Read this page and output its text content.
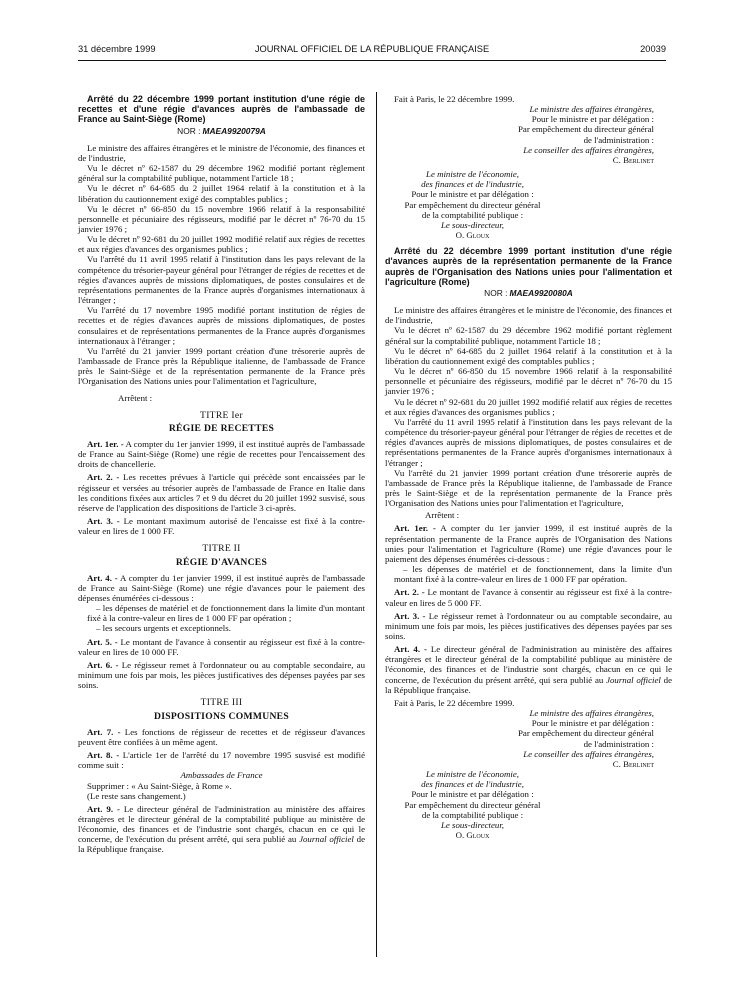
31 décembre 1999	JOURNAL OFFICIEL DE LA RÉPUBLIQUE FRANÇAISE	20039

Arrêté du 22 décembre 1999 portant institution d'une régie de recettes et d'une régie d'avances auprès de l'ambassade de France au Saint-Siège (Rome)

NOR : MAEA9920079A

Le ministre des affaires étrangères et le ministre de l'économie, des finances et de l'industrie,

Vu le décret nº 62-1587 du 29 décembre 1962 modifié portant règlement général sur la comptabilité publique, notamment l'article 18 ;

Vu le décret nº 64-685 du 2 juillet 1964 relatif à la constitution et à la libération du cautionnement exigé des comptables publics ;

Vu le décret nº 66-850 du 15 novembre 1966 relatif à la responsabilité personnelle et pécuniaire des régisseurs, modifié par le décret nº 76-70 du 15 janvier 1976 ;

Vu le décret nº 92-681 du 20 juillet 1992 modifié relatif aux régies de recettes et aux régies d'avances des organismes publics ;

Vu l'arrêté du 11 avril 1995 relatif à l'institution dans les pays relevant de la compétence du trésorier-payeur général pour l'étranger de régies de recettes et de régies d'avances auprès de missions diplomatiques, de postes consulaires et de représentations permanentes de la France auprès d'organismes internationaux à l'étranger ;

Vu l'arrêté du 17 novembre 1995 modifié portant institution de régies de recettes et de régies d'avances auprès de missions diplomatiques, de postes consulaires et de représentations permanentes de la France auprès d'organismes internationaux à l'étranger ;

Vu l'arrêté du 21 janvier 1999 portant création d'une trésorerie auprès de l'ambassade de France près la République italienne, de l'ambassade de France près le Saint-Siège et de la représentation permanente de la France près l'Organisation des Nations unies pour l'alimentation et l'agriculture,

Arrêtent :

TITRE Ier
RÉGIE DE RECETTES

Art. 1er. - A compter du 1er janvier 1999, il est institué auprès de l'ambassade de France au Saint-Siège (Rome) une régie de recettes pour l'encaissement des droits de chancellerie.

Art. 2. - Les recettes prévues à l'article qui précède sont encaissées par le régisseur et versées au trésorier auprès de l'ambassade de France en Italie dans les conditions fixées aux articles 7 et 9 du décret du 20 juillet 1992 susvisé, sous réserve de l'application des dispositions de l'article 3 ci-après.

Art. 3. - Le montant maximum autorisé de l'encaisse est fixé à la contre-valeur en lires de 1 000 FF.

TITRE II
RÉGIE D'AVANCES

Art. 4. - A compter du 1er janvier 1999, il est institué auprès de l'ambassade de France au Saint-Siège (Rome) une régie d'avances pour le paiement des dépenses énumérées ci-dessous :

– les dépenses de matériel et de fonctionnement dans la limite d'un montant fixé à la contre-valeur en lires de 1 000 FF par opération ;

– les secours urgents et exceptionnels.

Art. 5. - Le montant de l'avance à consentir au régisseur est fixé à la contre-valeur en lires de 10 000 FF.

Art. 6. - Le régisseur remet à l'ordonnateur ou au comptable secondaire, au minimum une fois par mois, les pièces justificatives des dépenses payées par ses soins.

TITRE III
DISPOSITIONS COMMUNES

Art. 7. - Les fonctions de régisseur de recettes et de régisseur d'avances peuvent être confiées à un même agent.

Art. 8. - L'article 1er de l'arrêté du 17 novembre 1995 susvisé est modifié comme suit :

Ambassades de France

Supprimer : « Au Saint-Siège, à Rome ».

(Le reste sans changement.)

Art. 9. - Le directeur général de l'administration au ministère des affaires étrangères et le directeur général de la comptabilité publique au ministère de l'économie, des finances et de l'industrie sont chargés, chacun en ce qui le concerne, de l'exécution du présent arrêté, qui sera publié au Journal officiel de la République française.

Fait à Paris, le 22 décembre 1999.

Le ministre des affaires étrangères,
Pour le ministre et par délégation :
Par empêchement du directeur général
de l'administration :
Le conseiller des affaires étrangères,
C. Berlinet
Le ministre de l'économie,
des finances et de l'industrie,
Pour le ministre et par délégation :
Par empêchement du directeur général
de la comptabilité publique :
Le sous-directeur,
O. Gloux

Arrêté du 22 décembre 1999 portant institution d'une régie d'avances auprès de la représentation permanente de la France auprès de l'Organisation des Nations unies pour l'alimentation et l'agriculture (Rome)

NOR : MAEA9920080A

Le ministre des affaires étrangères et le ministre de l'économie, des finances et de l'industrie,

Vu le décret nº 62-1587 du 29 décembre 1962 modifié portant règlement général sur la comptabilité publique, notamment l'article 18 ;

Vu le décret nº 64-685 du 2 juillet 1964 relatif à la constitution et à la libération du cautionnement exigé des comptables publics ;

Vu le décret nº 66-850 du 15 novembre 1966 relatif à la responsabilité personnelle et pécuniaire des régisseurs, modifié par le décret nº 76-70 du 15 janvier 1976 ;

Vu le décret nº 92-681 du 20 juillet 1992 modifié relatif aux régies de recettes et aux régies d'avances des organismes publics ;

Vu l'arrêté du 11 avril 1995 relatif à l'institution dans les pays relevant de la compétence du trésorier-payeur général pour l'étranger de régies de recettes et de régies d'avances auprès de missions diplomatiques, de postes consulaires et de représentations permanentes de la France auprès d'organismes internationaux à l'étranger ;

Vu l'arrêté du 21 janvier 1999 portant création d'une trésorerie auprès de l'ambassade de France près la République italienne, de l'ambassade de France près le Saint-Siège et de la représentation permanente de la France près l'Organisation des Nations unies pour l'alimentation et l'agriculture,

Arrêtent :

Art. 1er. - A compter du 1er janvier 1999, il est institué auprès de la représentation permanente de la France auprès de l'Organisation des Nations unies pour l'alimentation et l'agriculture (Rome) une régie d'avances pour le paiement des dépenses énumérées ci-dessous :

– les dépenses de matériel et de fonctionnement, dans la limite d'un montant fixé à la contre-valeur en lires de 1 000 FF par opération.

Art. 2. - Le montant de l'avance à consentir au régisseur est fixé à la contre-valeur en lires de 5 000 FF.

Art. 3. - Le régisseur remet à l'ordonnateur ou au comptable secondaire, au minimum une fois par mois, les pièces justificatives des dépenses payées par ses soins.

Art. 4. - Le directeur général de l'administration au ministère des affaires étrangères et le directeur général de la comptabilité publique au ministère de l'économie, des finances et de l'industrie sont chargés, chacun en ce qui le concerne, de l'exécution du présent arrêté, qui sera publié au Journal officiel de la République française.

Fait à Paris, le 22 décembre 1999.

Le ministre des affaires étrangères,
Pour le ministre et par délégation :
Par empêchement du directeur général
de l'administration :
Le conseiller des affaires étrangères,
C. Berlinet
Le ministre de l'économie,
des finances et de l'industrie,
Pour le ministre et par délégation :
Par empêchement du directeur général
de la comptabilité publique :
Le sous-directeur,
O. Gloux
